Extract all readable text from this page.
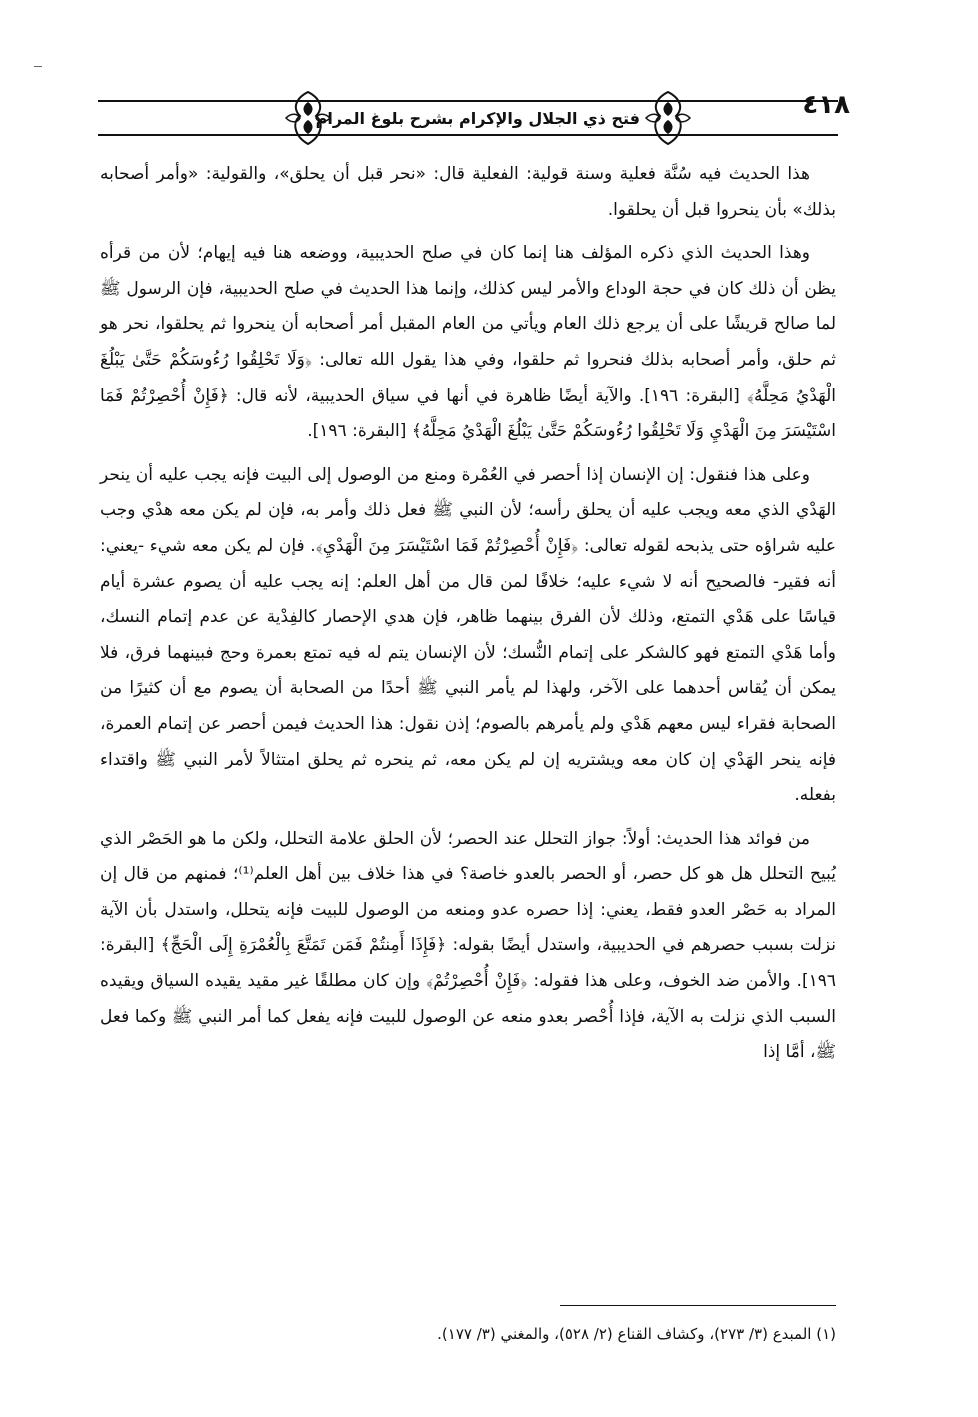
فتح ذي الجلال والإكرام بشرح بلوغ المرام	٤١٨

هذا الحديث فيه سُنَّة فعلية وسنة قولية: الفعلية قال: «نحر قبل أن يحلق»، والقولية: «وأمر أصحابه بذلك» بأن ينحروا قبل أن يحلقوا.

وهذا الحديث الذي ذكره المؤلف هنا إنما كان في صلح الحديبية، ووضعه هنا فيه إيهام؛ لأن من قرأه يظن أن ذلك كان في حجة الوداع والأمر ليس كذلك، وإنما هذا الحديث في صلح الحديبية، فإن الرسول ﷺ لما صالح قريشًا على أن يرجع ذلك العام ويأتي من العام المقبل أمر أصحابه أن ينحروا ثم يحلقوا، نحر هو ثم حلق، وأمر أصحابه بذلك فنحروا ثم حلقوا، وفي هذا يقول الله تعالى: ﴿وَلَا تَحْلِقُوا رُءُوسَكُمْ حَتَّىٰ يَبْلُغَ الْهَدْيُ مَحِلَّهُ﴾ [البقرة: ١٩٦]. والآية أيضًا ظاهرة في أنها في سياق الحديبية، لأنه قال: ﴿فَإِنْ أُحْصِرْتُمْ فَمَا اسْتَيْسَرَ مِنَ الْهَدْيِ وَلَا تَحْلِقُوا رُءُوسَكُمْ حَتَّىٰ يَبْلُغَ الْهَدْيُ مَحِلَّهُ﴾ [البقرة: ١٩٦].

وعلى هذا فنقول: إن الإنسان إذا أحصر في العُمْرة ومنع من الوصول إلى البيت فإنه يجب عليه أن ينحر الهَدْي الذي معه ويجب عليه أن يحلق رأسه؛ لأن النبي ﷺ فعل ذلك وأمر به، فإن لم يكن معه هدْي وجب عليه شراؤه حتى يذبحه لقوله تعالى: ﴿فَإِنْ أُحْصِرْتُمْ فَمَا اسْتَيْسَرَ مِنَ الْهَدْيِ﴾. فإن لم يكن معه شيء -يعني: أنه فقير- فالصحيح أنه لا شيء عليه؛ خلافًا لمن قال من أهل العلم: إنه يجب عليه أن يصوم عشرة أيام قياسًا على هَدْي التمتع، وذلك لأن الفرق بينهما ظاهر، فإن هدي الإحصار كالفِدْية عن عدم إتمام النسك، وأما هَدْي التمتع فهو كالشكر على إتمام النُّسك؛ لأن الإنسان يتم له فيه تمتع بعمرة وحج فبينهما فرق، فلا يمكن أن يُقاس أحدهما على الآخر، ولهذا لم يأمر النبي ﷺ أحدًا من الصحابة أن يصوم مع أن كثيرًا من الصحابة فقراء ليس معهم هَدْي ولم يأمرهم بالصوم؛ إذن نقول: هذا الحديث فيمن أحصر عن إتمام العمرة، فإنه ينحر الهَدْي إن كان معه ويشتريه إن لم يكن معه، ثم ينحره ثم يحلق امتثالاً لأمر النبي ﷺ واقتداء بفعله.

من فوائد هذا الحديث: أولاً: جواز التحلل عند الحصر؛ لأن الحلق علامة التحلل، ولكن ما هو الحَصْر الذي يُبيح التحلل هل هو كل حصر، أو الحصر بالعدو خاصة؟ في هذا خلاف بين أهل العلم⁽¹⁾؛ فمنهم من قال إن المراد به حَصْر العدو فقط، يعني: إذا حصره عدو ومنعه من الوصول للبيت فإنه يتحلل، واستدل بأن الآية نزلت بسبب حصرهم في الحديبية، واستدل أيضًا بقوله: ﴿فَإِذَا أَمِنتُمْ فَمَن تَمَتَّعَ بِالْعُمْرَةِ إِلَى الْحَجِّ﴾ [البقرة: ١٩٦]. والأمن ضد الخوف، وعلى هذا فقوله: ﴿فَإِنْ أُحْصِرْتُمْ﴾ وإن كان مطلقًا غير مقيد يقيده السياق ويقيده السبب الذي نزلت به الآية، فإذا أُحْصر بعدو منعه عن الوصول للبيت فإنه يفعل كما أمر النبي ﷺ وكما فعل ﷺ، أمَّا إذا

(١) المبدع (٣/ ٢٧٣)، وكشاف القناع (٢/ ٥٢٨)، والمغني (٣/ ١٧٧).
